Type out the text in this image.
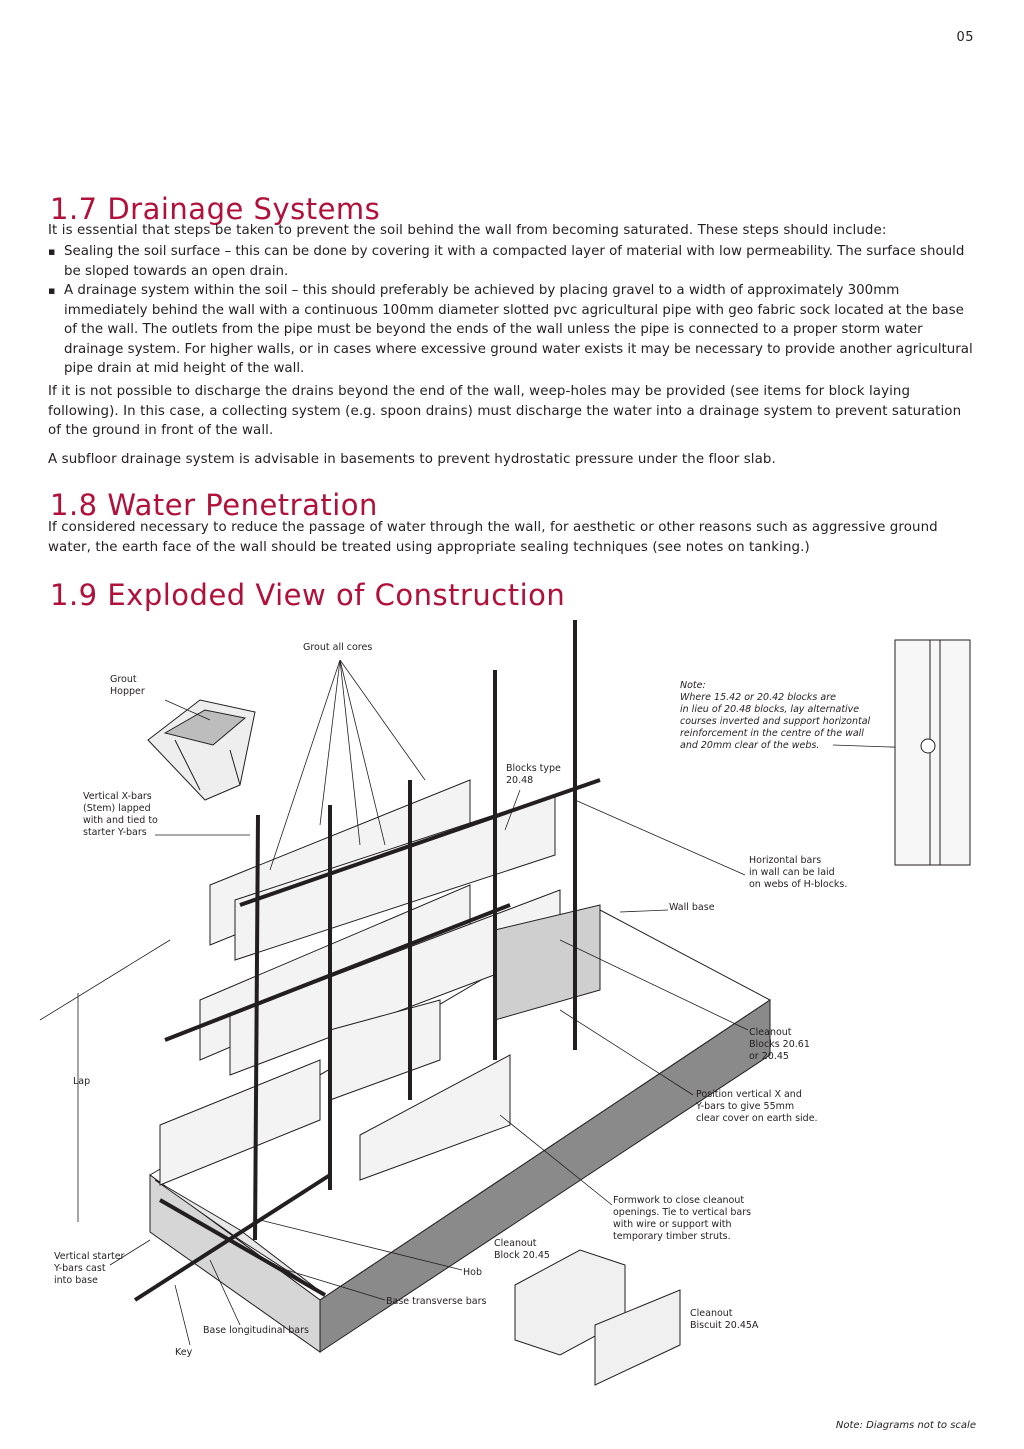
05
1.7 Drainage Systems

It is essential that steps be taken to prevent the soil behind the wall from becoming saturated. These steps should include:

▪ Sealing the soil surface – this can be done by covering it with a compacted layer of material with low permeability. The surface should be sloped towards an open drain.
▪ A drainage system within the soil – this should preferably be achieved by placing gravel to a width of approximately 300mm immediately behind the wall with a continuous 100mm diameter slotted pvc agricultural pipe with geo fabric sock located at the base of the wall. The outlets from the pipe must be beyond the ends of the wall unless the pipe is connected to a proper storm water drainage system. For higher walls, or in cases where excessive ground water exists it may be necessary to provide another agricultural pipe drain at mid height of the wall.

If it is not possible to discharge the drains beyond the end of the wall, weep-holes may be provided (see items for block laying following). In this case, a collecting system (e.g. spoon drains) must discharge the water into a drainage system to prevent saturation of the ground in front of the wall.

A subfloor drainage system is advisable in basements to prevent hydrostatic pressure under the floor slab.

1.8 Water Penetration

If considered necessary to reduce the passage of water through the wall, for aesthetic or other reasons such as aggressive ground water, the earth face of the wall should be treated using appropriate sealing techniques (see notes on tanking.)

1.9 Exploded View of Construction
Grout all cores
Grout Hopper
Vertical X-bars (Stem) lapped with and tied to starter Y-bars
Blocks type 20.48
Note: Where 15.42 or 20.42 blocks are in lieu of 20.48 blocks, lay alternative courses inverted and support horizontal reinforcement in the centre of the wall and 20mm clear of the webs.
Horizontal bars in wall can be laid on webs of H-blocks.
Wall base
Cleanout Blocks 20.61 or 20.45
Position vertical X and Y-bars to give 55mm clear cover on earth side.
Lap
Formwork to close cleanout openings. Tie to vertical bars with wire or support with temporary timber struts.
Cleanout Block 20.45
Vertical starter Y-bars cast into base
Hob
Base transverse bars
Cleanout Biscuit 20.45A
Base longitudinal bars
Key
Note: Diagrams not to scale
